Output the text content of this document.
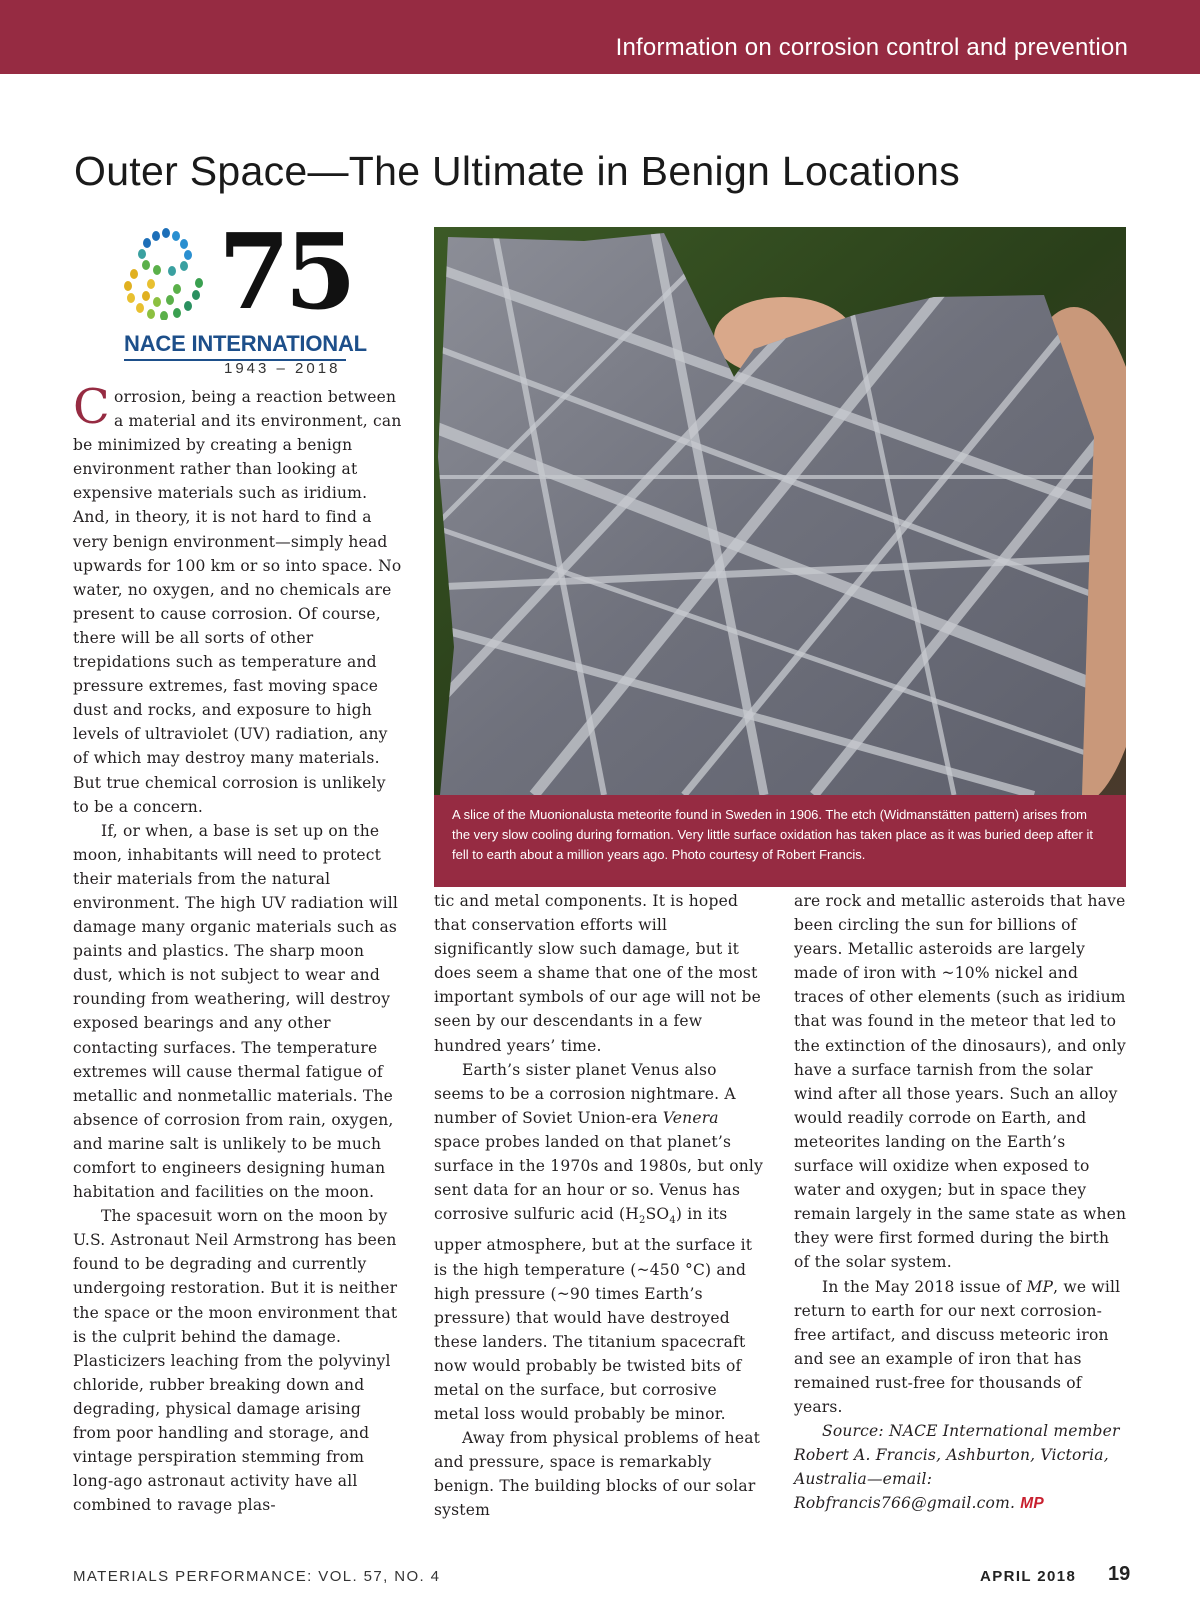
Information on corrosion control and prevention
Outer Space—The Ultimate in Benign Locations
75
NACE INTERNATIONAL
1943 – 2018

Corrosion, being a reaction between a material and its environment, can be minimized by creating a benign environment rather than looking at expensive materials such as iridium. And, in theory, it is not hard to find a very benign environment—simply head upwards for 100 km or so into space. No water, no oxygen, and no chemicals are present to cause corrosion. Of course, there will be all sorts of other trepidations such as temperature and pressure extremes, fast moving space dust and rocks, and exposure to high levels of ultraviolet (UV) radiation, any of which may destroy many materials. But true chemical corrosion is unlikely to be a concern.

If, or when, a base is set up on the moon, inhabitants will need to protect their materials from the natural environment. The high UV radiation will damage many organic materials such as paints and plastics. The sharp moon dust, which is not subject to wear and rounding from weathering, will destroy exposed bearings and any other contacting surfaces. The temperature extremes will cause thermal fatigue of metallic and nonmetallic materials. The absence of corrosion from rain, oxygen, and marine salt is unlikely to be much comfort to engineers designing human habitation and facilities on the moon.

The spacesuit worn on the moon by U.S. Astronaut Neil Armstrong has been found to be degrading and currently undergoing restoration. But it is neither the space or the moon environment that is the culprit behind the damage. Plasticizers leaching from the polyvinyl chloride, rubber breaking down and degrading, physical damage arising from poor handling and storage, and vintage perspiration stemming from long-ago astronaut activity have all combined to ravage plas-

A slice of the Muonionalusta meteorite found in Sweden in 1906. The etch (Widmanstätten pattern) arises from the very slow cooling during formation. Very little surface oxidation has taken place as it was buried deep after it fell to earth about a million years ago. Photo courtesy of Robert Francis.

tic and metal components. It is hoped that conservation efforts will significantly slow such damage, but it does seem a shame that one of the most important symbols of our age will not be seen by our descendants in a few hundred years’ time.

Earth’s sister planet Venus also seems to be a corrosion nightmare. A number of Soviet Union-era Venera space probes landed on that planet’s surface in the 1970s and 1980s, but only sent data for an hour or so. Venus has corrosive sulfuric acid $(H_2SO_4)$ in its upper atmosphere, but at the surface it is the high temperature (~450 °C) and high pressure (~90 times Earth’s pressure) that would have destroyed these landers. The titanium spacecraft now would probably be twisted bits of metal on the surface, but corrosive metal loss would probably be minor.

Away from physical problems of heat and pressure, space is remarkably benign. The building blocks of our solar system

are rock and metallic asteroids that have been circling the sun for billions of years. Metallic asteroids are largely made of iron with ~10% nickel and traces of other elements (such as iridium that was found in the meteor that led to the extinction of the dinosaurs), and only have a surface tarnish from the solar wind after all those years. Such an alloy would readily corrode on Earth, and meteorites landing on the Earth’s surface will oxidize when exposed to water and oxygen; but in space they remain largely in the same state as when they were first formed during the birth of the solar system.

In the May 2018 issue of MP, we will return to earth for our next corrosion-free artifact, and discuss meteoric iron and see an example of iron that has remained rust-free for thousands of years.

Source: NACE International member Robert A. Francis, Ashburton, Victoria, Australia—email: Robfrancis766@gmail.com. MP

MATERIALS PERFORMANCE: VOL. 57, NO. 4	APRIL 2018 19
